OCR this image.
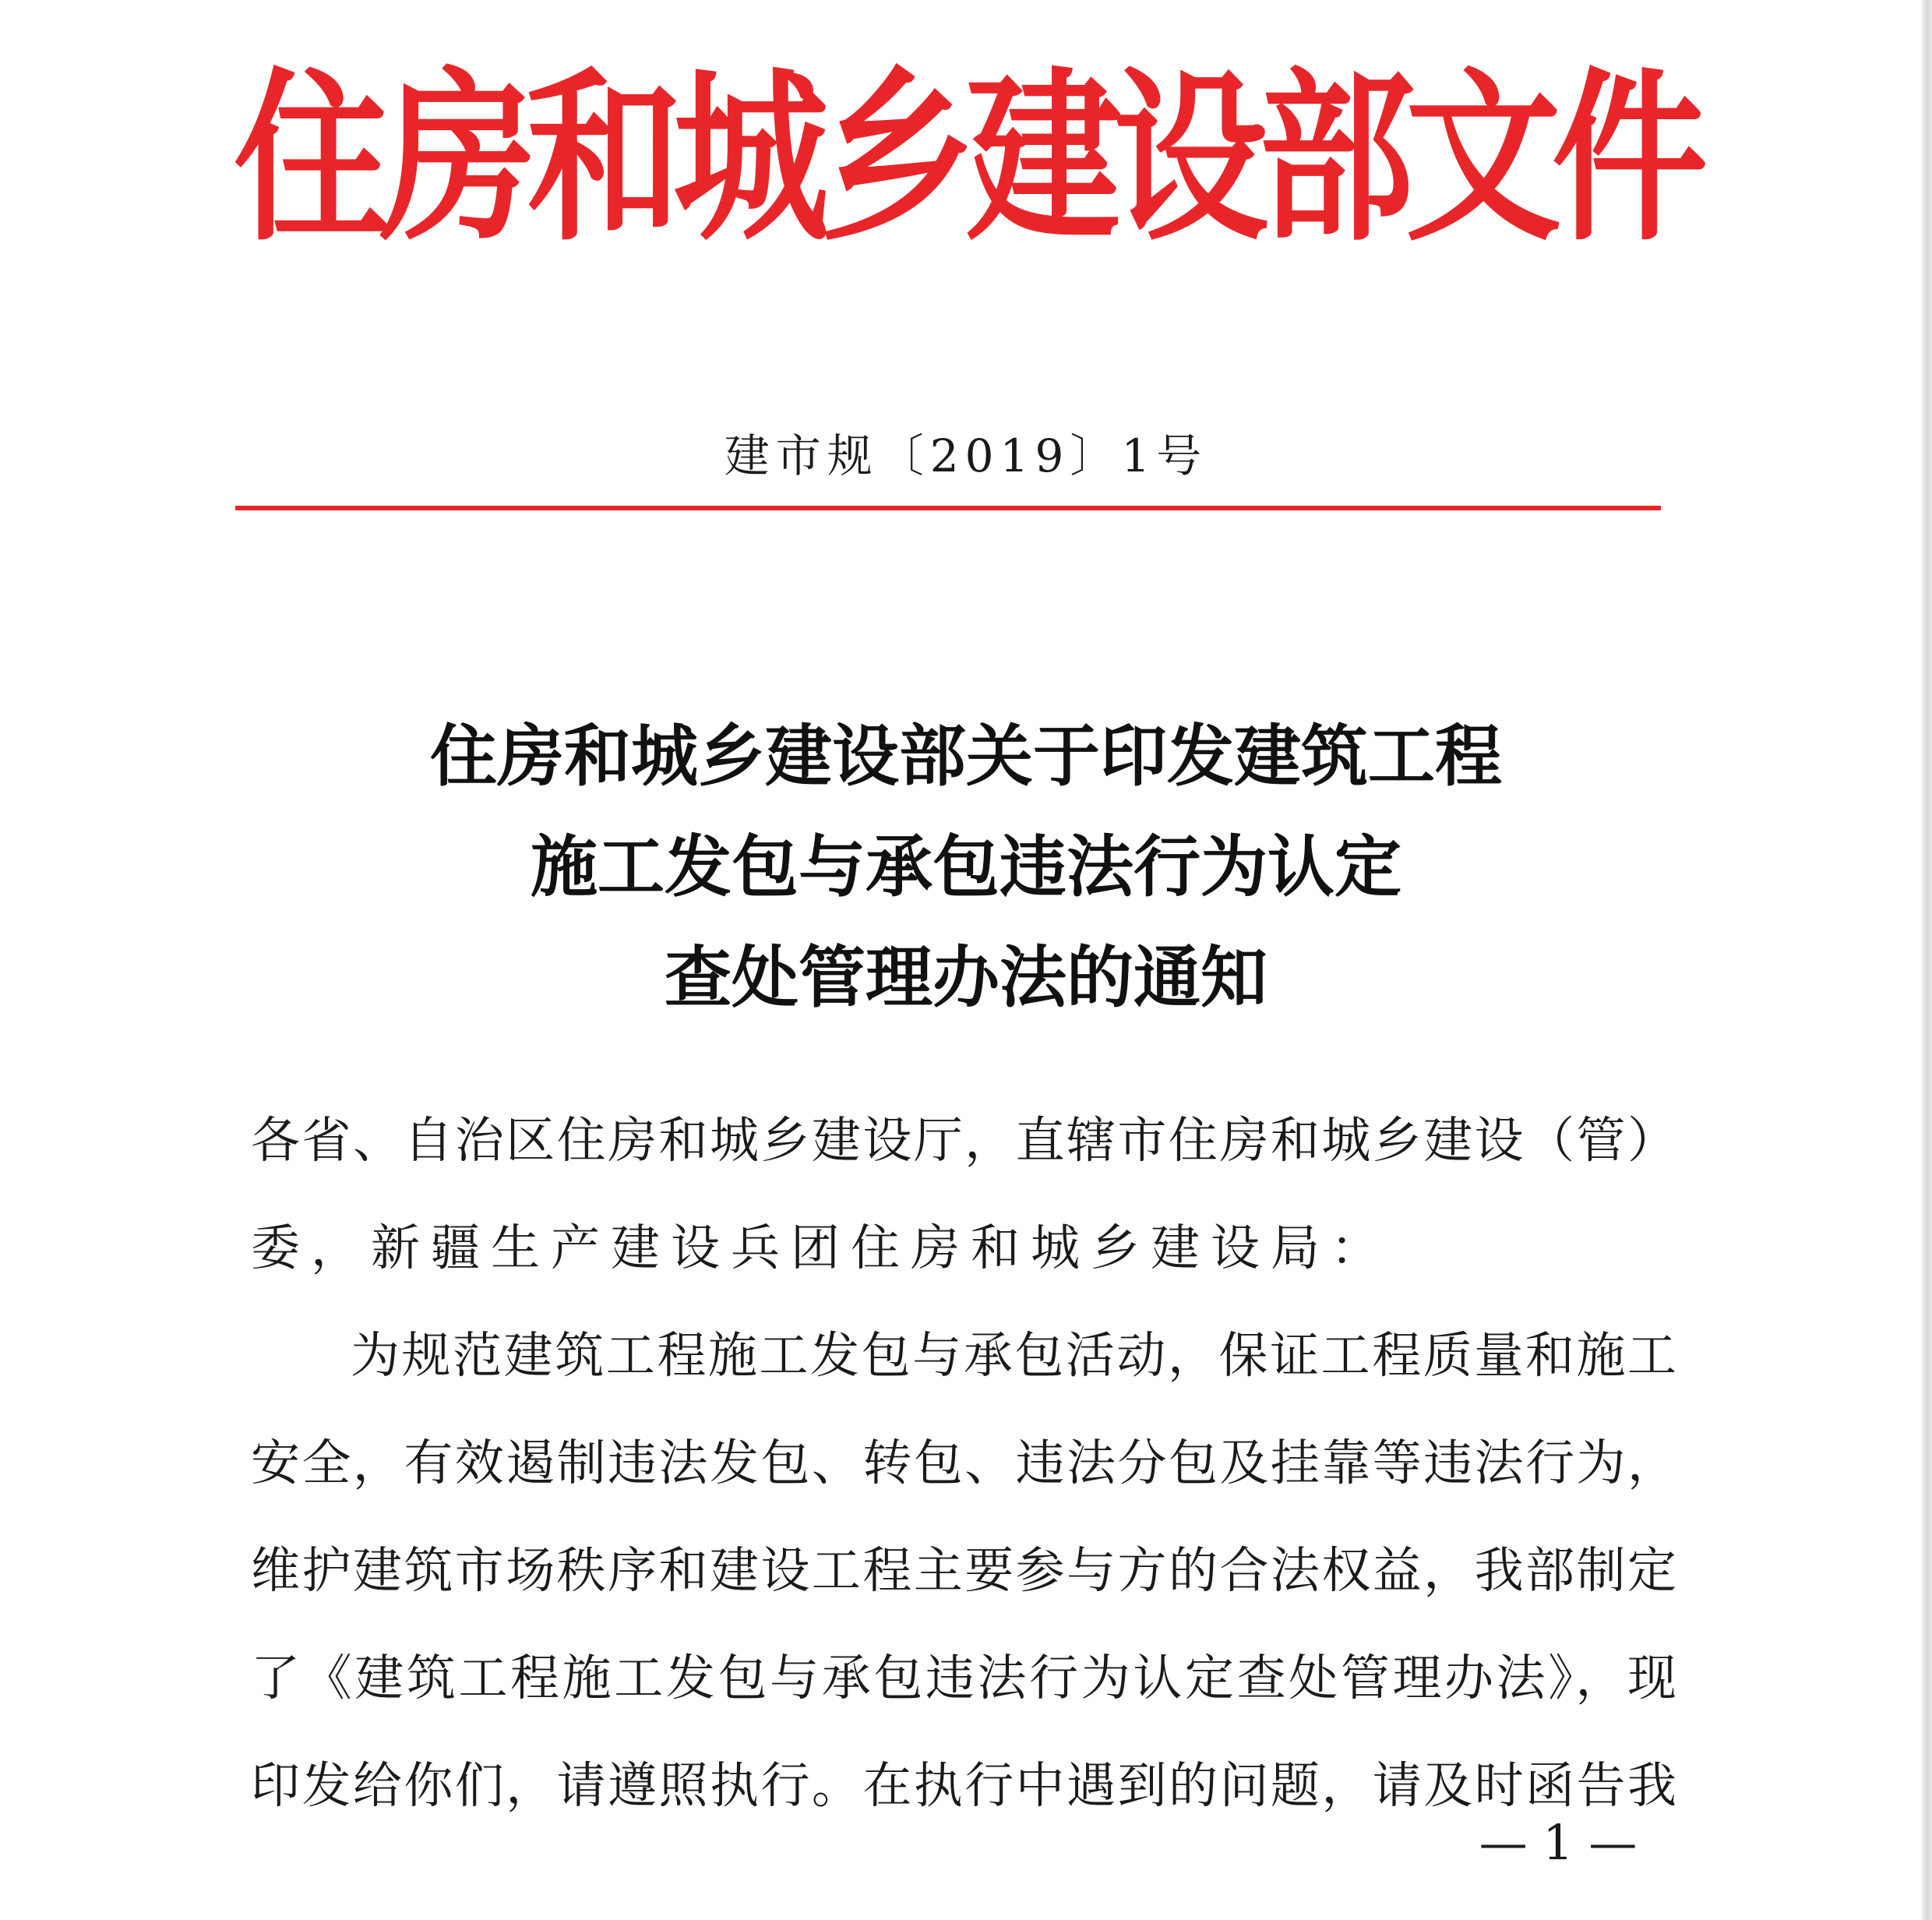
住
房
和
城
乡
建
设
部
文
件
建市规〔2019〕1号
住房和城乡建设部关于印发建筑工程
施工发包与承包违法行为认定
查处管理办法的通知
各省、自治区住房和城乡建设厅，直辖市住房和城乡建设（管）
委，新疆生产建设兵团住房和城乡建设局：
为规范建筑工程施工发包与承包活动，保证工程质量和施工
安全，有效遏制违法发包、转包、违法分包及挂靠等违法行为，
维护建筑市场秩序和建设工程主要参与方的合法权益，我部制定
了《建筑工程施工发包与承包违法行为认定查处管理办法》，现
印发给你们，请遵照执行。在执行中遇到的问题，请及时函告我
— 1 —
